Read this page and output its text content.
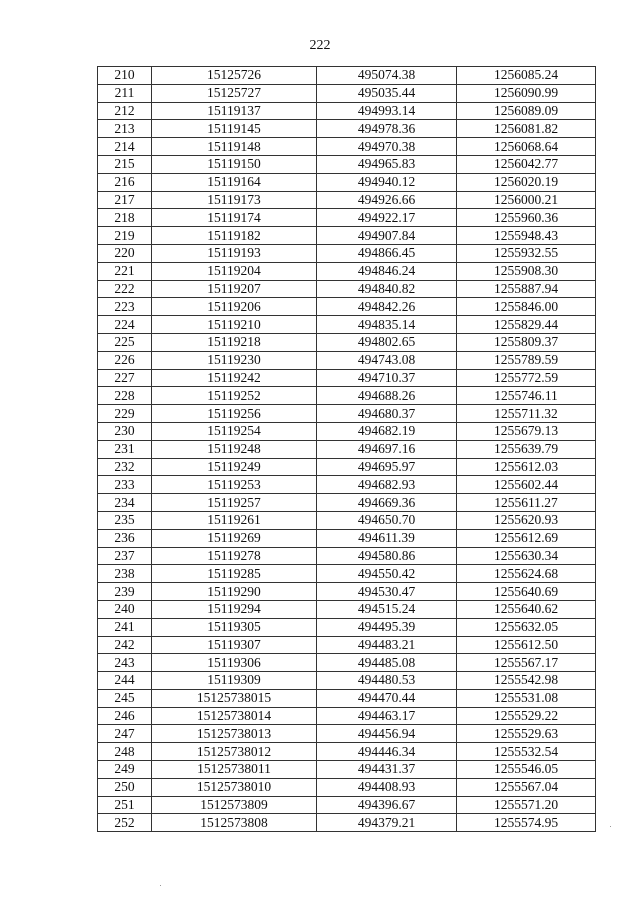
222
210	15125726	495074.38	1256085.24
211	15125727	495035.44	1256090.99
212	15119137	494993.14	1256089.09
213	15119145	494978.36	1256081.82
214	15119148	494970.38	1256068.64
215	15119150	494965.83	1256042.77
216	15119164	494940.12	1256020.19
217	15119173	494926.66	1256000.21
218	15119174	494922.17	1255960.36
219	15119182	494907.84	1255948.43
220	15119193	494866.45	1255932.55
221	15119204	494846.24	1255908.30
222	15119207	494840.82	1255887.94
223	15119206	494842.26	1255846.00
224	15119210	494835.14	1255829.44
225	15119218	494802.65	1255809.37
226	15119230	494743.08	1255789.59
227	15119242	494710.37	1255772.59
228	15119252	494688.26	1255746.11
229	15119256	494680.37	1255711.32
230	15119254	494682.19	1255679.13
231	15119248	494697.16	1255639.79
232	15119249	494695.97	1255612.03
233	15119253	494682.93	1255602.44
234	15119257	494669.36	1255611.27
235	15119261	494650.70	1255620.93
236	15119269	494611.39	1255612.69
237	15119278	494580.86	1255630.34
238	15119285	494550.42	1255624.68
239	15119290	494530.47	1255640.69
240	15119294	494515.24	1255640.62
241	15119305	494495.39	1255632.05
242	15119307	494483.21	1255612.50
243	15119306	494485.08	1255567.17
244	15119309	494480.53	1255542.98
245	15125738015	494470.44	1255531.08
246	15125738014	494463.17	1255529.22
247	15125738013	494456.94	1255529.63
248	15125738012	494446.34	1255532.54
249	15125738011	494431.37	1255546.05
250	15125738010	494408.93	1255567.04
251	1512573809	494396.67	1255571.20
252	1512573808	494379.21	1255574.95
